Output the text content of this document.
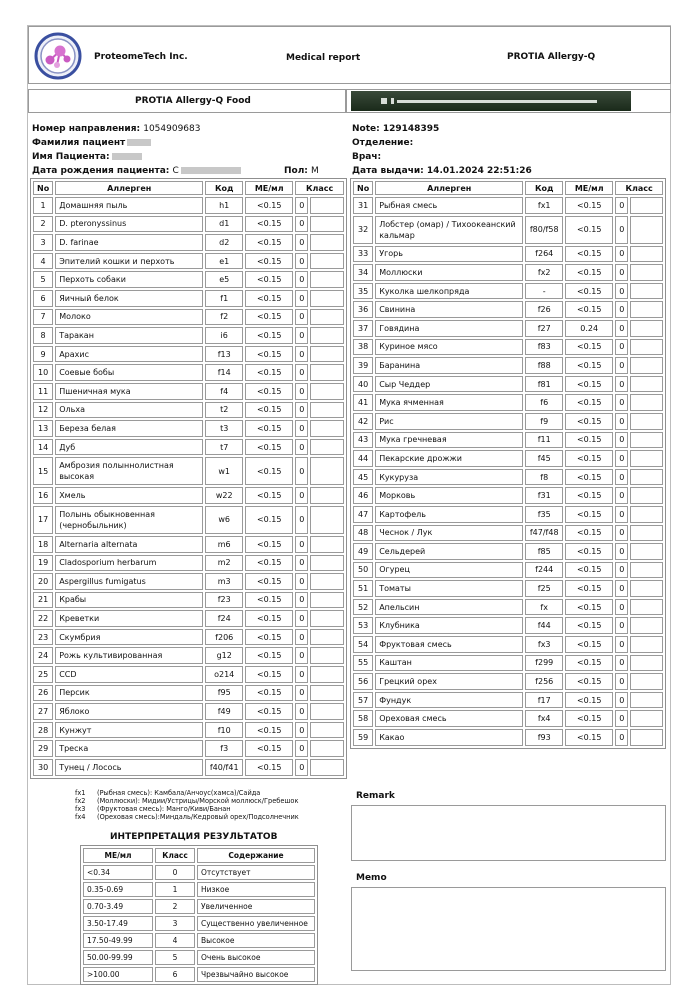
ProteomeTech Inc.	Medical report	PROTIA Allergy-Q
PROTIA Allergy-Q Food
Номер направления: 1054909683
Фамилия пациент
Имя Пациента:
Дата рождения пациента: C	Пол: M
Note: 129148395
Отделение:
Врач:
Дата выдачи: 14.01.2024 22:51:26
No	Аллерген	Код	МЕ/мл	Класс	
1	Домашняя пыль	h1	<0.15	0	
2	D. pteronyssinus	d1	<0.15	0	
3	D. farinae	d2	<0.15	0	
4	Эпителий кошки и перхоть	e1	<0.15	0	
5	Перхоть собаки	e5	<0.15	0	
6	Яичный белок	f1	<0.15	0	
7	Молоко	f2	<0.15	0	
8	Таракан	i6	<0.15	0	
9	Арахис	f13	<0.15	0	
10	Соевые бобы	f14	<0.15	0	
11	Пшеничная мука	f4	<0.15	0	
12	Ольха	t2	<0.15	0	
13	Береза белая	t3	<0.15	0	
14	Дуб	t7	<0.15	0	
15	Амброзия полыннолистная высокая	w1	<0.15	0	
16	Хмель	w22	<0.15	0	
17	Полынь обыкновенная (чернобыльник)	w6	<0.15	0	
18	Alternaria alternata	m6	<0.15	0	
19	Cladosporium herbarum	m2	<0.15	0	
20	Aspergillus fumigatus	m3	<0.15	0	
21	Крабы	f23	<0.15	0	
22	Креветки	f24	<0.15	0	
23	Скумбрия	f206	<0.15	0	
24	Рожь культивированная	g12	<0.15	0	
25	CCD	o214	<0.15	0	
26	Персик	f95	<0.15	0	
27	Яблоко	f49	<0.15	0	
28	Кунжут	f10	<0.15	0	
29	Треска	f3	<0.15	0	
30	Тунец / Лосось	f40/f41	<0.15	0	
No	Аллерген	Код	МЕ/мл	Класс	
31	Рыбная смесь	fx1	<0.15	0	
32	Лобстер (омар) / Тихоокеанский кальмар	f80/f58	<0.15	0	
33	Угорь	f264	<0.15	0	
34	Моллюски	fx2	<0.15	0	
35	Куколка шелкопряда	-	<0.15	0	
36	Свинина	f26	<0.15	0	
37	Говядина	f27	0.24	0	
38	Куриное мясо	f83	<0.15	0	
39	Баранина	f88	<0.15	0	
40	Сыр Чеддер	f81	<0.15	0	
41	Мука ячменная	f6	<0.15	0	
42	Рис	f9	<0.15	0	
43	Мука гречневая	f11	<0.15	0	
44	Пекарские дрожжи	f45	<0.15	0	
45	Кукуруза	f8	<0.15	0	
46	Морковь	f31	<0.15	0	
47	Картофель	f35	<0.15	0	
48	Чеснок / Лук	f47/f48	<0.15	0	
49	Сельдерей	f85	<0.15	0	
50	Огурец	f244	<0.15	0	
51	Томаты	f25	<0.15	0	
52	Апельсин	fx	<0.15	0	
53	Клубника	f44	<0.15	0	
54	Фруктовая смесь	fx3	<0.15	0	
55	Каштан	f299	<0.15	0	
56	Грецкий орех	f256	<0.15	0	
57	Фундук	f17	<0.15	0	
58	Ореховая смесь	fx4	<0.15	0	
59	Какао	f93	<0.15	0	
fx1 (Рыбная смесь): Камбала/Анчоус(хамса)/Сайда
fx2 (Моллюски): Мидии/Устрицы/Морской моллюск/Гребешок
fx3 (Фруктовая смесь): Манго/Киви/Банан
fx4 (Ореховая смесь):Миндаль/Кедровый орех/Подсолнечник
ИНТЕРПРЕТАЦИЯ РЕЗУЛЬТАТОВ
МЕ/мл	Класс	Содержание
<0.34	0	Отсутствует
0.35-0.69	1	Низкое
0.70-3.49	2	Увеличенное
3.50-17.49	3	Существенно увеличенное
17.50-49.99	4	Высокое
50.00-99.99	5	Очень высокое
>100.00	6	Чрезвычайно высокое
Remark
Memo
